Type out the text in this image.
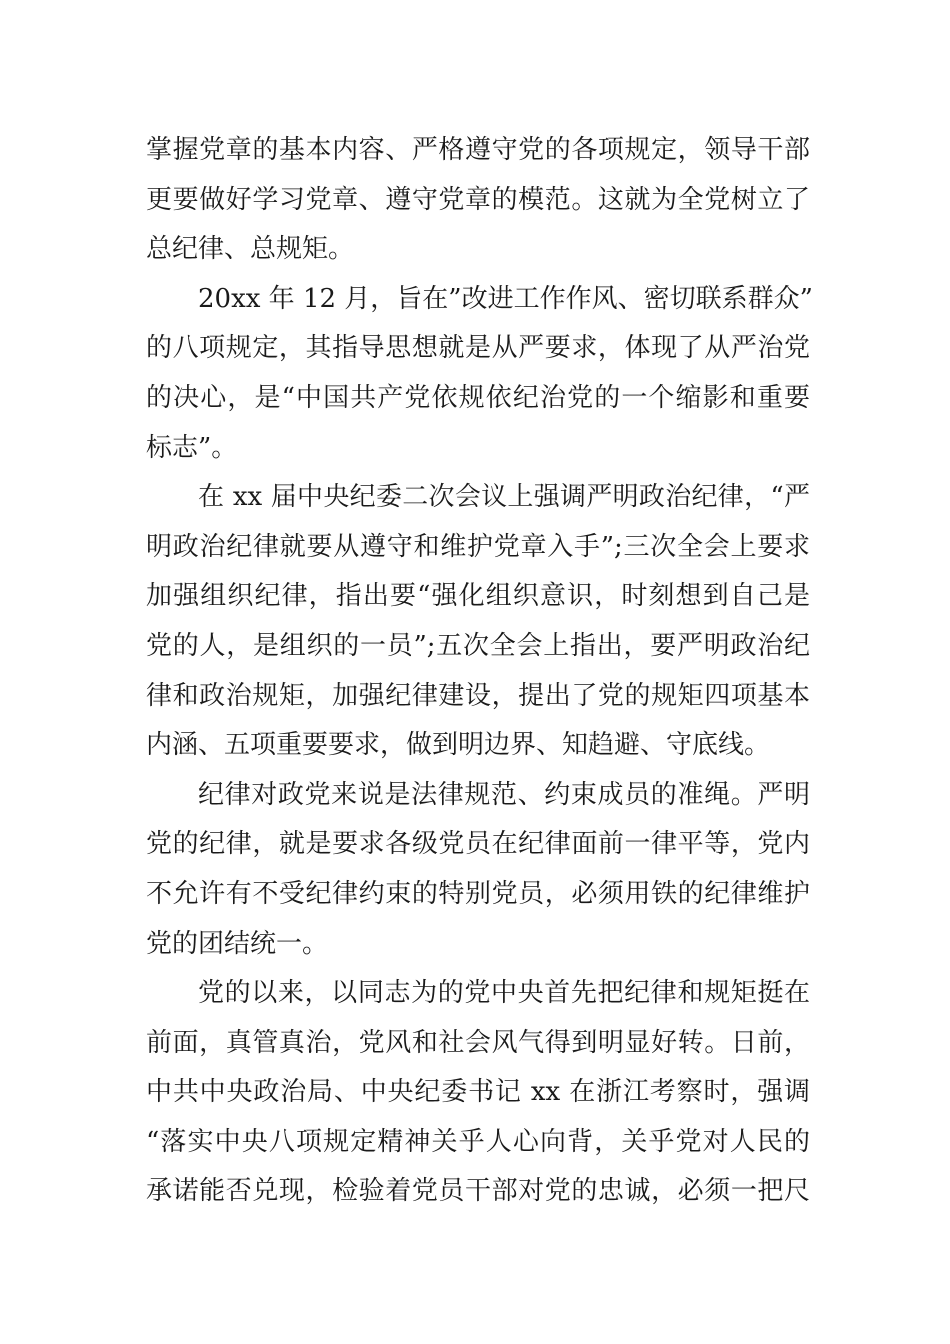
掌握党章的基本内容、严格遵守党的各项规定，领导干部
更要做好学习党章、遵守党章的模范。这就为全党树立了
总纪律、总规矩。
20xx 年 12 月，旨在”改进工作作风、密切联系群众”
的八项规定，其指导思想就是从严要求，体现了从严治党
的决心，是“中国共产党依规依纪治党的一个缩影和重要
标志”。
在 xx 届中央纪委二次会议上强调严明政治纪律，“严
明政治纪律就要从遵守和维护党章入手”;三次全会上要求
加强组织纪律，指出要“强化组织意识，时刻想到自己是
党的人，是组织的一员”;五次全会上指出，要严明政治纪
律和政治规矩，加强纪律建设，提出了党的规矩四项基本
内涵、五项重要要求，做到明边界、知趋避、守底线。
纪律对政党来说是法律规范、约束成员的准绳。严明
党的纪律，就是要求各级党员在纪律面前一律平等，党内
不允许有不受纪律约束的特别党员，必须用铁的纪律维护
党的团结统一。
党的以来，以同志为的党中央首先把纪律和规矩挺在
前面，真管真治，党风和社会风气得到明显好转。日前，
中共中央政治局、中央纪委书记 xx 在浙江考察时，强调
“落实中央八项规定精神关乎人心向背，关乎党对人民的
承诺能否兑现，检验着党员干部对党的忠诚，必须一把尺
